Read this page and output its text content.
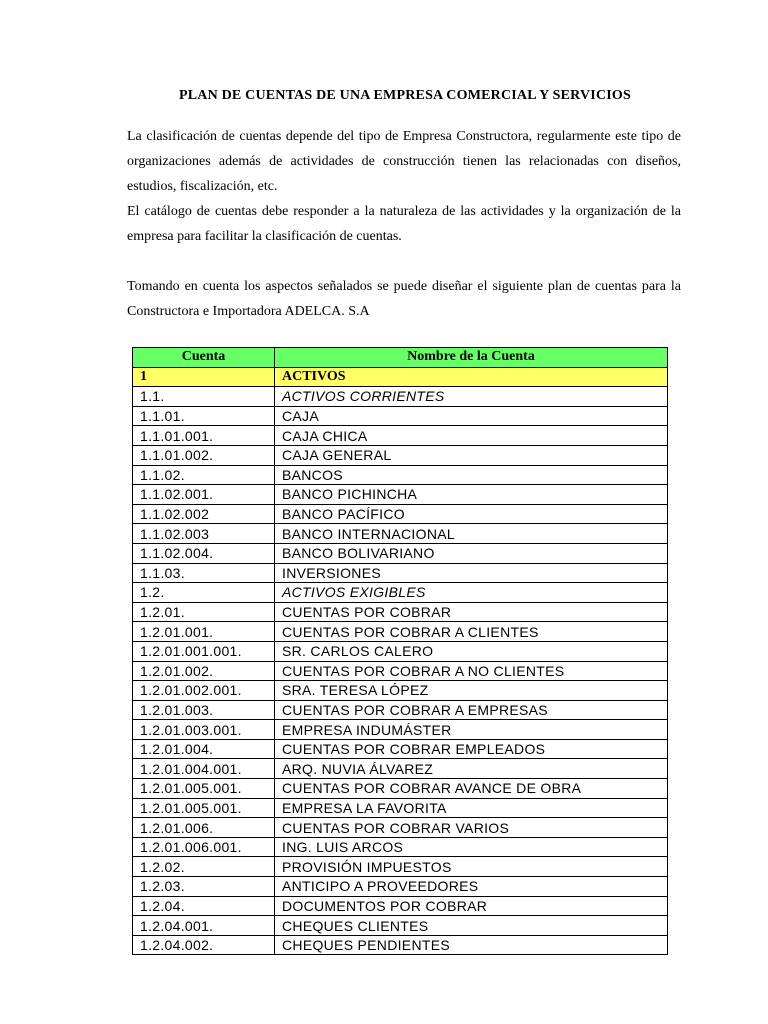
PLAN DE CUENTAS DE UNA EMPRESA COMERCIAL Y SERVICIOS
La clasificación de cuentas depende del tipo de Empresa Constructora, regularmente este tipo de organizaciones además de actividades de construcción tienen las relacionadas con diseños, estudios, fiscalización, etc.
El catálogo de cuentas debe responder a la naturaleza de las actividades y la organización de la empresa para facilitar la clasificación de cuentas.

Tomando en cuenta los aspectos señalados se puede diseñar el siguiente plan de cuentas para la Constructora e Importadora ADELCA. S.A

Cuenta	Nombre de la Cuenta
1	ACTIVOS
1.1.	ACTIVOS CORRIENTES
1.1.01.	CAJA
1.1.01.001.	CAJA CHICA
1.1.01.002.	CAJA GENERAL
1.1.02.	BANCOS
1.1.02.001.	BANCO PICHINCHA
1.1.02.002	BANCO PACÍFICO
1.1.02.003	BANCO INTERNACIONAL
1.1.02.004.	BANCO BOLIVARIANO
1.1.03.	INVERSIONES
1.2.	ACTIVOS EXIGIBLES
1.2.01.	CUENTAS POR COBRAR
1.2.01.001.	CUENTAS POR COBRAR A CLIENTES
1.2.01.001.001.	SR. CARLOS CALERO
1.2.01.002.	CUENTAS POR COBRAR A NO CLIENTES
1.2.01.002.001.	SRA. TERESA LÓPEZ
1.2.01.003.	CUENTAS POR COBRAR A EMPRESAS
1.2.01.003.001.	EMPRESA INDUMÁSTER
1.2.01.004.	CUENTAS POR COBRAR EMPLEADOS
1.2.01.004.001.	ARQ. NUVIA ÁLVAREZ
1.2.01.005.001.	CUENTAS POR COBRAR AVANCE DE OBRA
1.2.01.005.001.	EMPRESA LA FAVORITA
1.2.01.006.	CUENTAS POR COBRAR VARIOS
1.2.01.006.001.	ING. LUIS ARCOS
1.2.02.	PROVISIÓN IMPUESTOS
1.2.03.	ANTICIPO A PROVEEDORES
1.2.04.	DOCUMENTOS POR COBRAR
1.2.04.001.	CHEQUES CLIENTES
1.2.04.002.	CHEQUES PENDIENTES
